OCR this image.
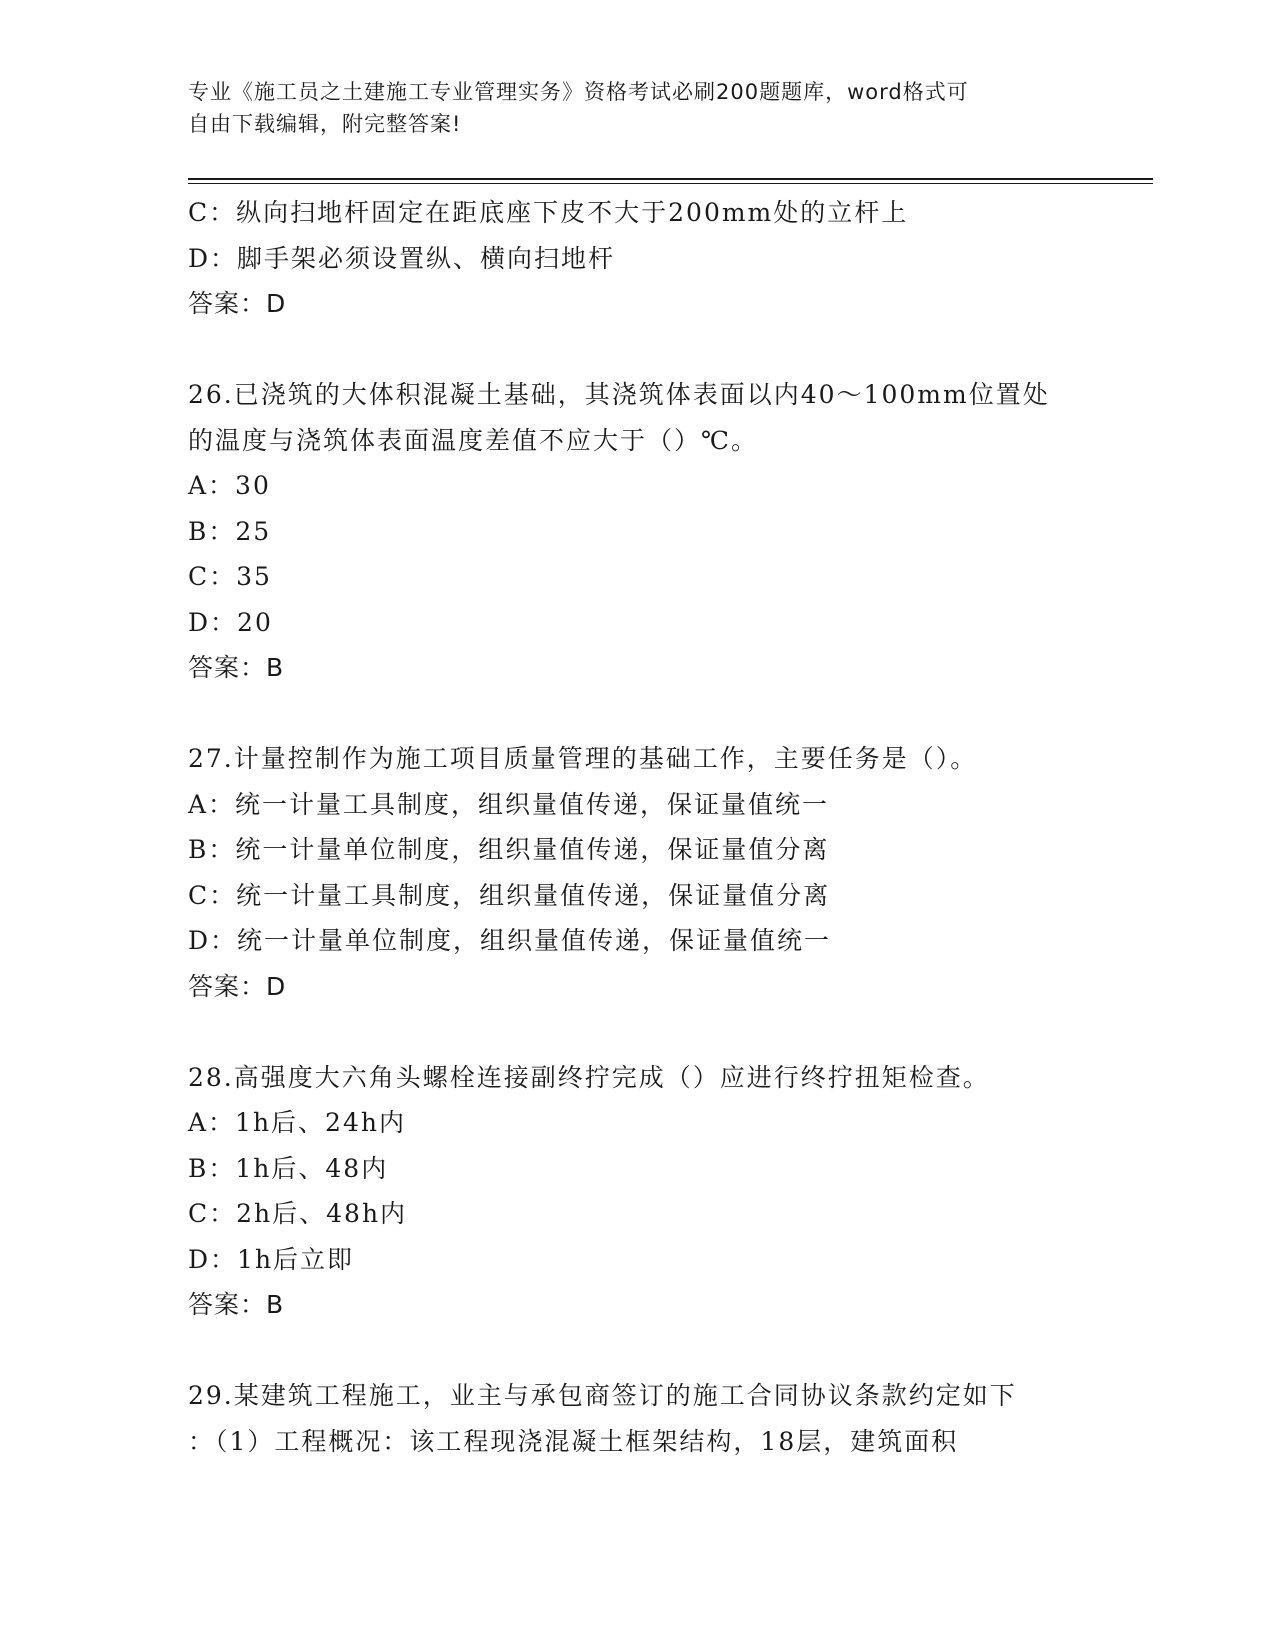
专业《施工员之土建施工专业管理实务》资格考试必刷200题题库，word格式可
自由下载编辑，附完整答案!
C：纵向扫地杆固定在距底座下皮不大于200mm处的立杆上
D：脚手架必须设置纵、横向扫地杆
答案：D
26.已浇筑的大体积混凝土基础，其浇筑体表面以内40～100mm位置处
的温度与浇筑体表面温度差值不应大于（）℃。
A：30
B：25
C：35
D：20
答案：B
27.计量控制作为施工项目质量管理的基础工作，主要任务是（）。
A：统一计量工具制度，组织量值传递，保证量值统一
B：统一计量单位制度，组织量值传递，保证量值分离
C：统一计量工具制度，组织量值传递，保证量值分离
D：统一计量单位制度，组织量值传递，保证量值统一
答案：D
28.高强度大六角头螺栓连接副终拧完成（）应进行终拧扭矩检查。
A：1h后、24h内
B：1h后、48内
C：2h后、48h内
D：1h后立即
答案：B
29.某建筑工程施工，业主与承包商签订的施工合同协议条款约定如下
：（1）工程概况：该工程现浇混凝土框架结构，18层，建筑面积
